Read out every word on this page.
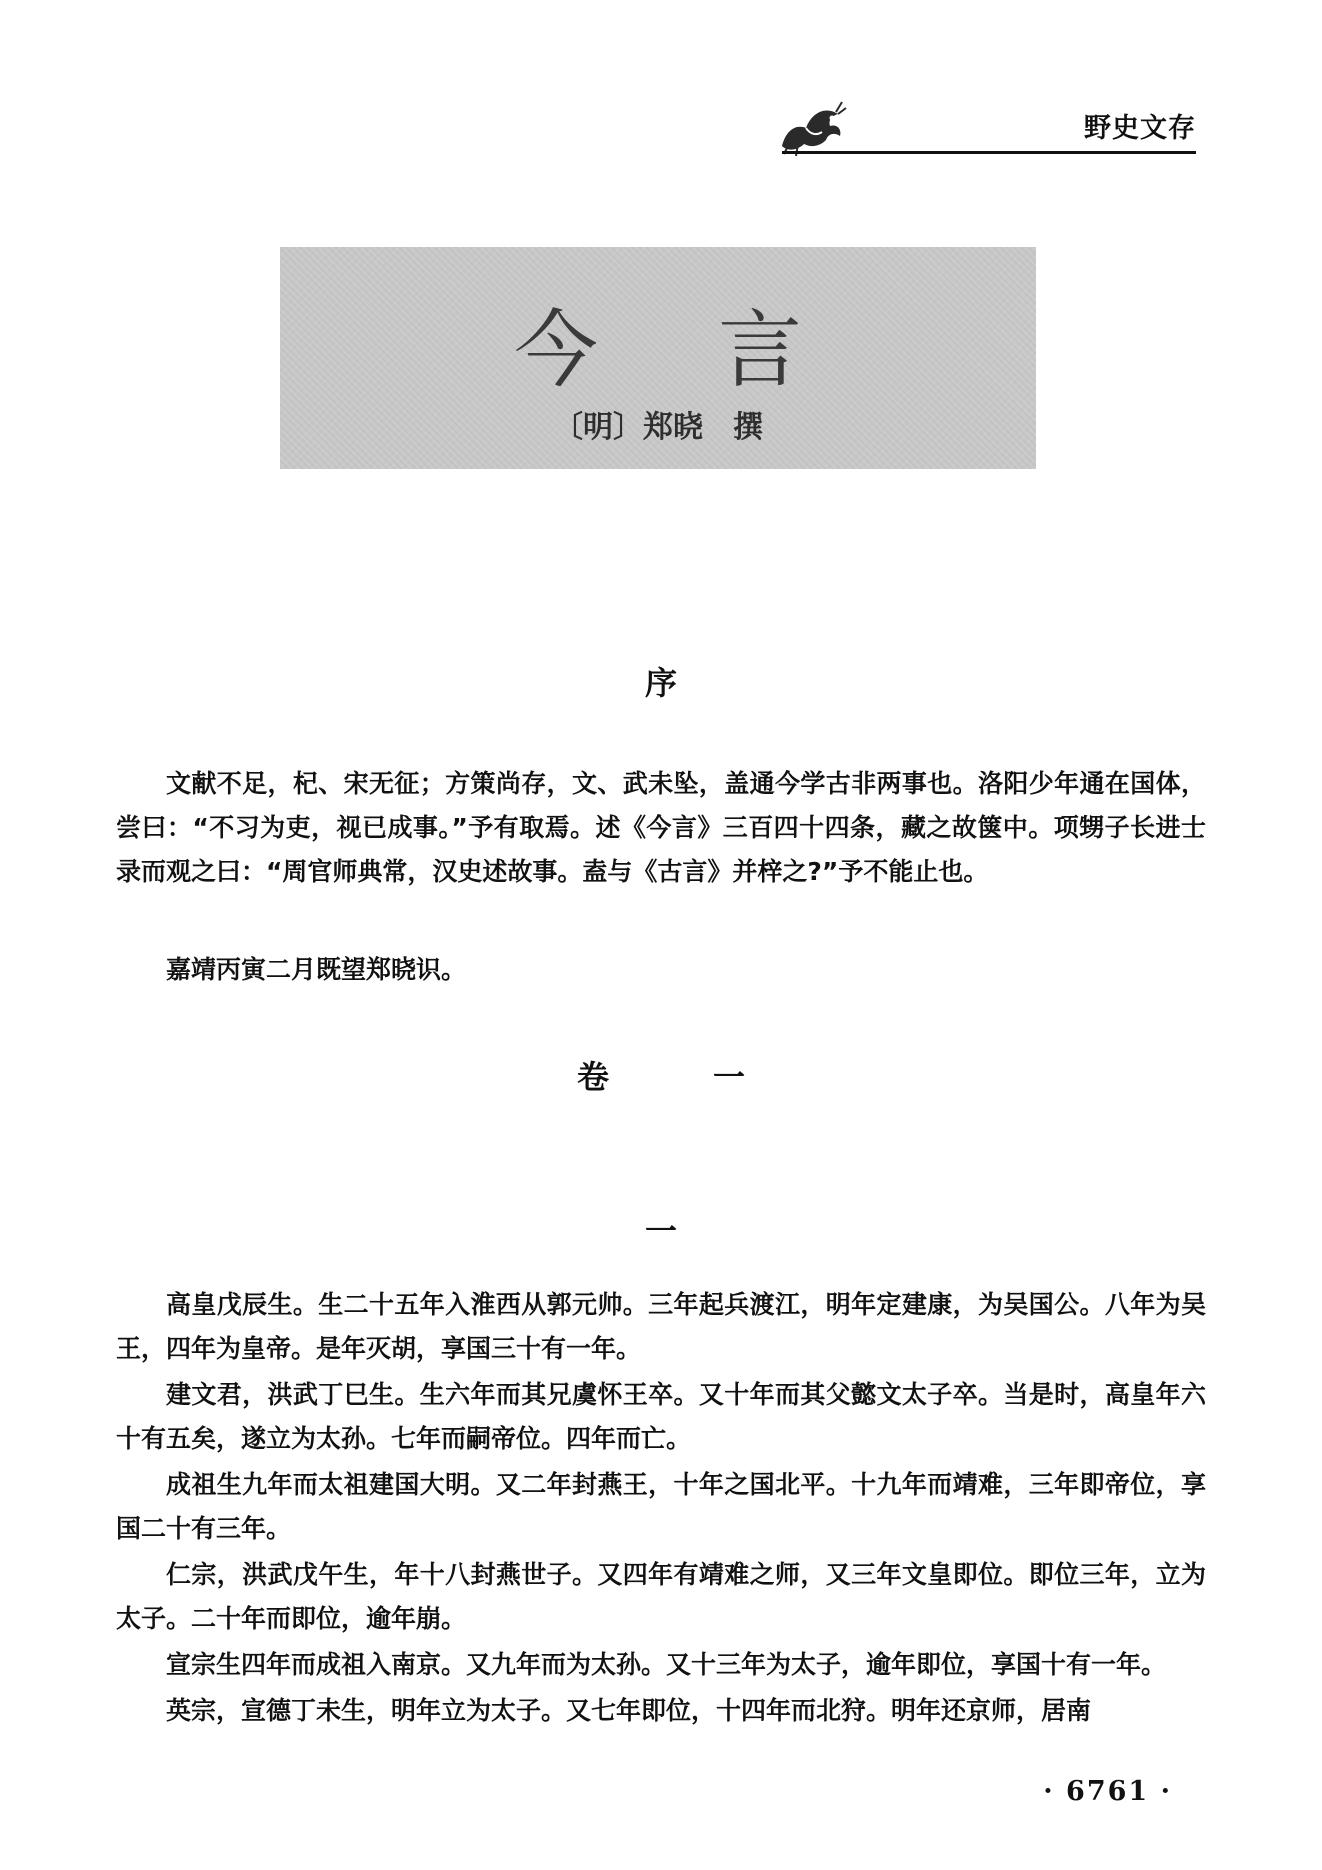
野史文存
今言
〔明〕郑晓　撰
序

文献不足，杞、宋无征；方策尚存，文、武未坠，盖通今学古非两事也。洛阳少年通在国体，尝曰：“不习为吏，视已成事。”予有取焉。述《今言》三百四十四条，藏之故箧中。项甥子长进士录而观之曰：“周官师典常，汉史述故事。盍与《古言》并梓之?”予不能止也。

嘉靖丙寅二月既望郑晓识。

卷　一
一

高皇戊辰生。生二十五年入淮西从郭元帅。三年起兵渡江，明年定建康，为吴国公。八年为吴王，四年为皇帝。是年灭胡，享国三十有一年。

建文君，洪武丁巳生。生六年而其兄虞怀王卒。又十年而其父懿文太子卒。当是时，高皇年六十有五矣，遂立为太孙。七年而嗣帝位。四年而亡。

成祖生九年而太祖建国大明。又二年封燕王，十年之国北平。十九年而靖难，三年即帝位，享国二十有三年。

仁宗，洪武戊午生，年十八封燕世子。又四年有靖难之师，又三年文皇即位。即位三年，立为太子。二十年而即位，逾年崩。

宣宗生四年而成祖入南京。又九年而为太孙。又十三年为太子，逾年即位，享国十有一年。

英宗，宣德丁未生，明年立为太子。又七年即位，十四年而北狩。明年还京师，居南

· 6761 ·
